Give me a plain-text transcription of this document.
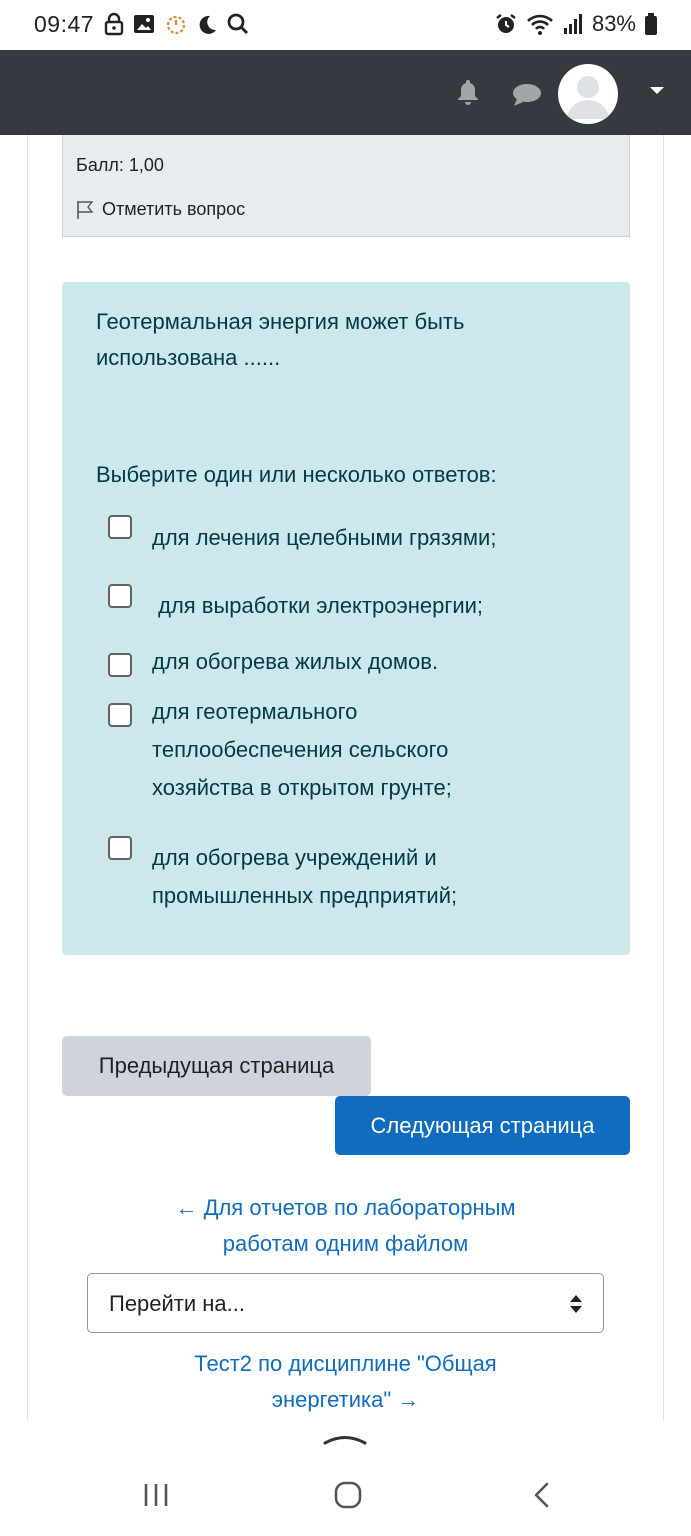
09:47	83%
Балл: 1,00
Отметить вопрос
Геотермальная энергия может быть использована ......
Выберите один или несколько ответов:
для лечения целебными грязями;
для выработки электроэнергии;
для обогрева жилых домов.
для геотермального теплообеспечения сельского хозяйства в открытом грунте;
для обогрева учреждений и промышленных предприятий;
Предыдущая страница
Следующая страница
← Для отчетов по лабораторным работам одним файлом
Перейти на...
Тест2 по дисциплине "Общая энергетика" →
